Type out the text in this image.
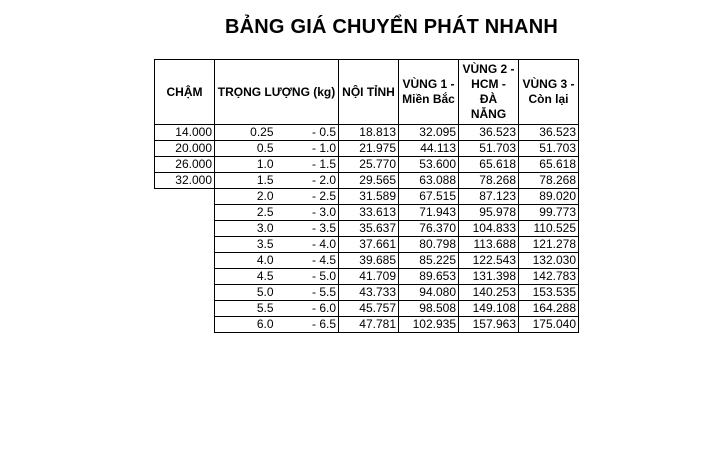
BẢNG GIÁ CHUYỂN PHÁT NHANH
CHẬM	TRỌNG LƯỢNG (kg)		NỘI TỈNH	VÙNG 1 - Miền Bắc	VÙNG 2 - HCM - ĐÀ NẴNG	VÙNG 3 - Còn lại
14.000	0.25	- 0.5	18.813	32.095	36.523	36.523
20.000	0.5	- 1.0	21.975	44.113	51.703	51.703
26.000	1.0	- 1.5	25.770	53.600	65.618	65.618
32.000	1.5	- 2.0	29.565	63.088	78.268	78.268
	2.0	- 2.5	31.589	67.515	87.123	89.020
	2.5	- 3.0	33.613	71.943	95.978	99.773
	3.0	- 3.5	35.637	76.370	104.833	110.525
	3.5	- 4.0	37.661	80.798	113.688	121.278
	4.0	- 4.5	39.685	85.225	122.543	132.030
	4.5	- 5.0	41.709	89.653	131.398	142.783
	5.0	- 5.5	43.733	94.080	140.253	153.535
	5.5	- 6.0	45.757	98.508	149.108	164.288
	6.0	- 6.5	47.781	102.935	157.963	175.040
